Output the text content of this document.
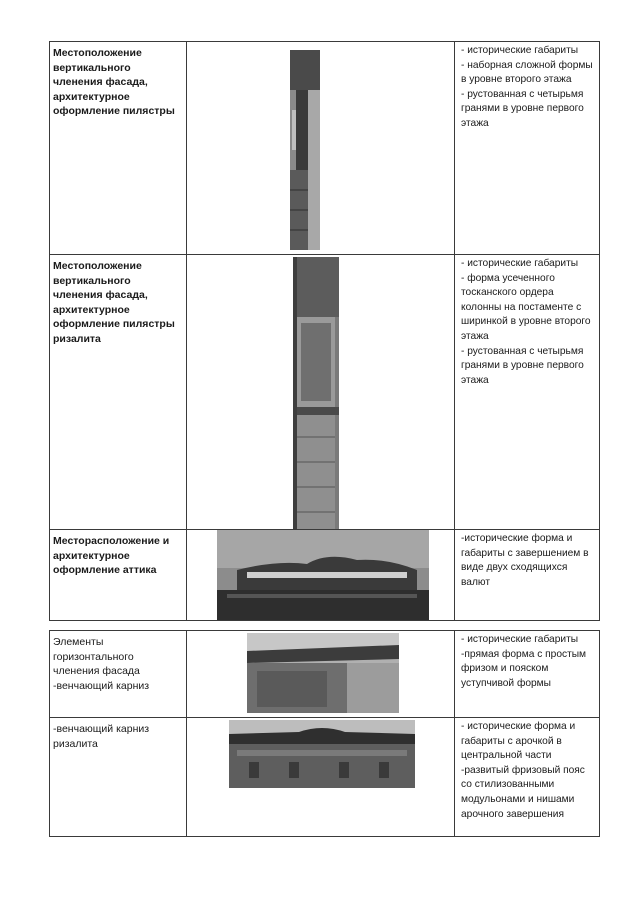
Местоположение вертикального членения фасада, архитектурное оформление пилястры
- исторические габариты
- наборная сложной формы в уровне второго этажа
- рустованная с четырьмя гранями в уровне первого этажа
Местоположение вертикального членения фасада, архитектурное оформление пилястры ризалита
- исторические габариты
- форма усеченного тосканского ордера колонны на постаменте с ширинкой в уровне второго этажа
- рустованная с четырьмя гранями в уровне первого этажа
Месторасположение и архитектурное оформление аттика
-исторические форма и габариты с завершением в виде двух сходящихся валют
Элементы горизонтального членения фасада
-венчающий карниз
- исторические габариты
-прямая форма с простым фризом и пояском уступчивой формы
-венчающий карниз ризалита
- исторические форма и габариты с арочкой в центральной части
-развитый фризовый пояс со стилизованными модульонами и нишами арочного завершения
